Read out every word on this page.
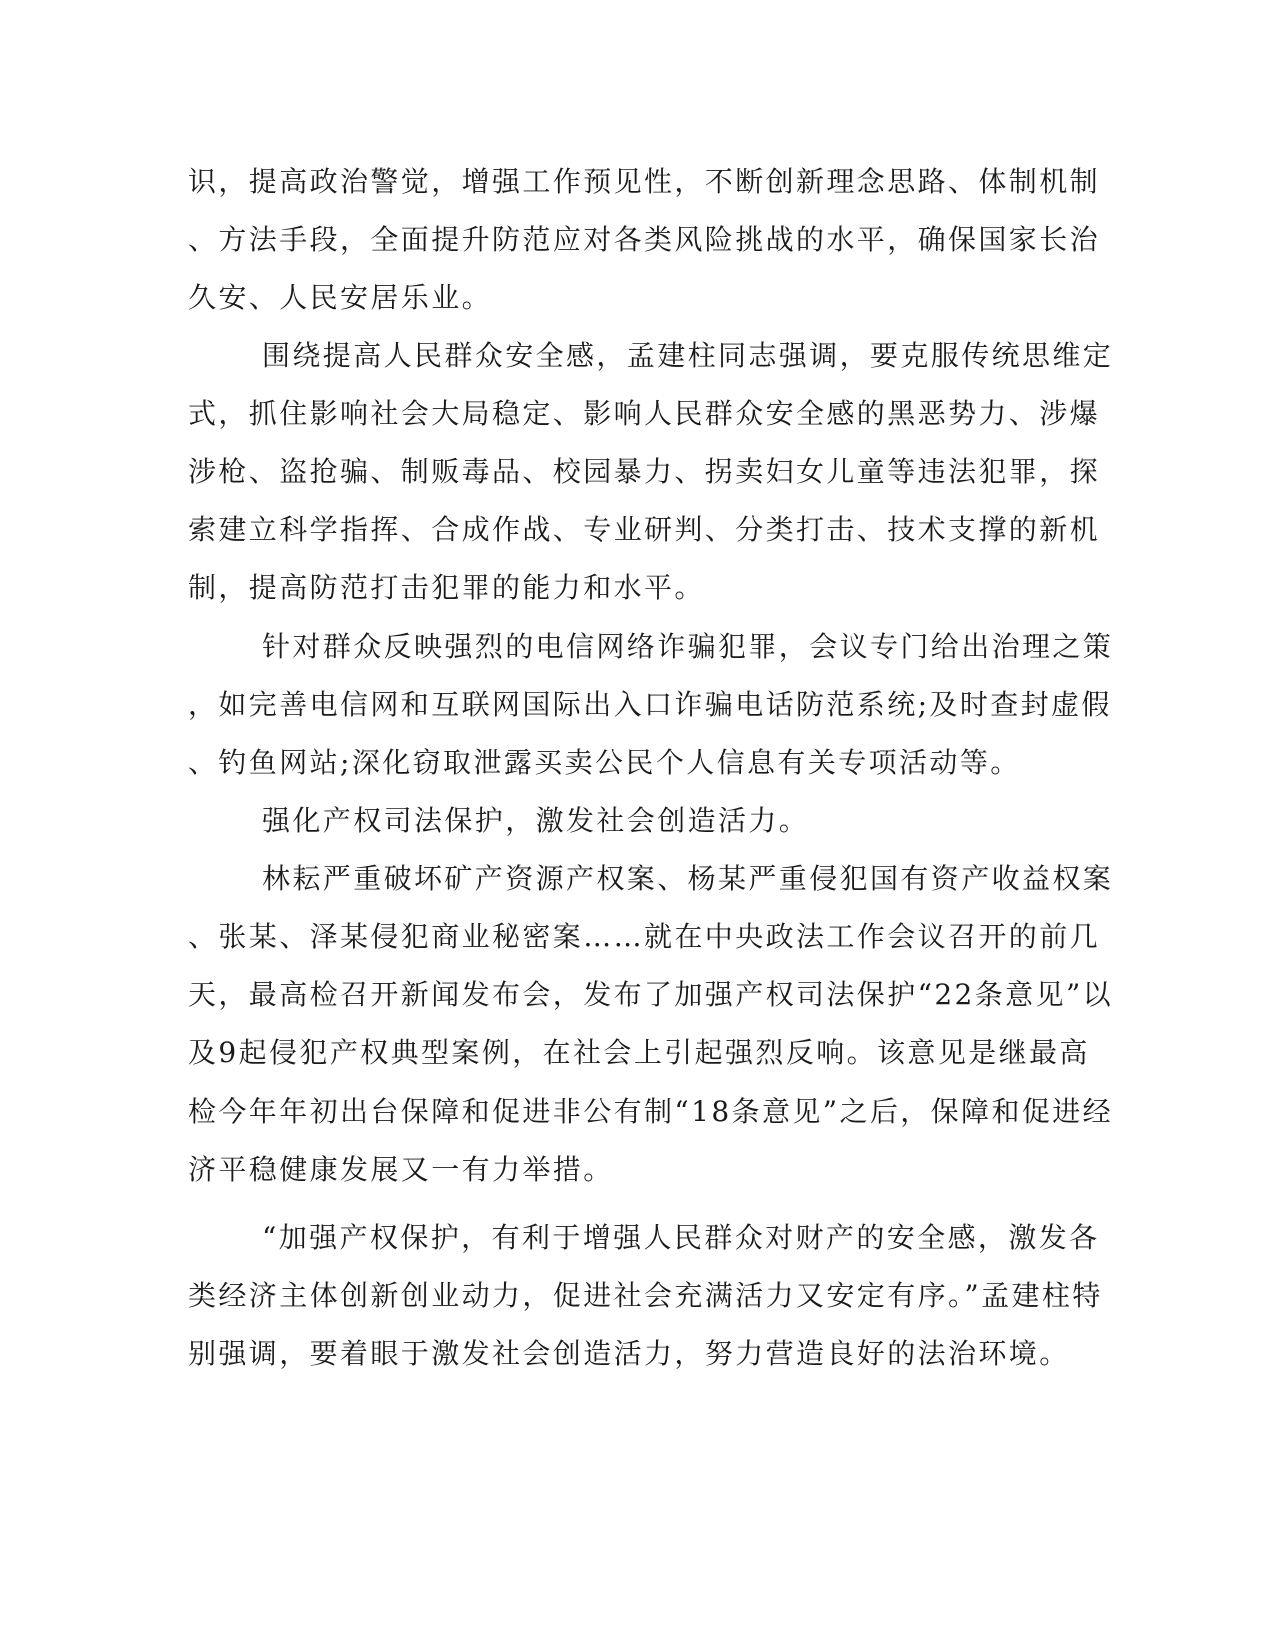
识，提高政治警觉，增强工作预见性，不断创新理念思路、体制机制
、方法手段，全面提升防范应对各类风险挑战的水平，确保国家长治
久安、人民安居乐业。
围绕提高人民群众安全感，孟建柱同志强调，要克服传统思维定
式，抓住影响社会大局稳定、影响人民群众安全感的黑恶势力、涉爆
涉枪、盗抢骗、制贩毒品、校园暴力、拐卖妇女儿童等违法犯罪，探
索建立科学指挥、合成作战、专业研判、分类打击、技术支撑的新机
制，提高防范打击犯罪的能力和水平。
针对群众反映强烈的电信网络诈骗犯罪，会议专门给出治理之策
，如完善电信网和互联网国际出入口诈骗电话防范系统;及时查封虚假
、钓鱼网站;深化窃取泄露买卖公民个人信息有关专项活动等。
强化产权司法保护，激发社会创造活力。
林耘严重破坏矿产资源产权案、杨某严重侵犯国有资产收益权案
、张某、泽某侵犯商业秘密案……就在中央政法工作会议召开的前几
天，最高检召开新闻发布会，发布了加强产权司法保护“22条意见”以
及9起侵犯产权典型案例，在社会上引起强烈反响。该意见是继最高
检今年年初出台保障和促进非公有制“18条意见”之后，保障和促进经
济平稳健康发展又一有力举措。
“加强产权保护，有利于增强人民群众对财产的安全感，激发各
类经济主体创新创业动力，促进社会充满活力又安定有序。”孟建柱特
别强调，要着眼于激发社会创造活力，努力营造良好的法治环境。
